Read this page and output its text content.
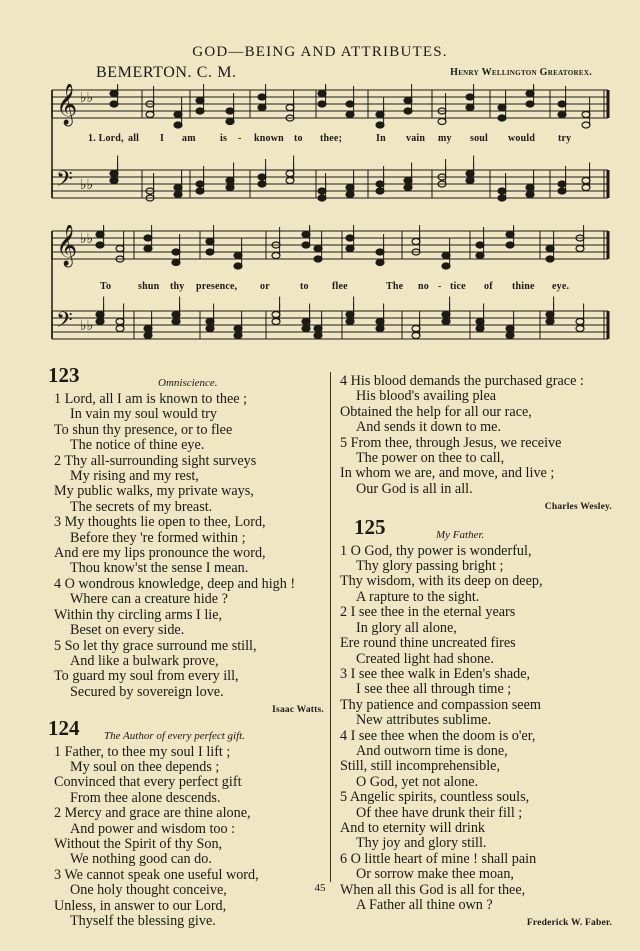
GOD—BEING AND ATTRIBUTES.
BEMERTON. C. M.	Henry Wellington Greatorex.
𝄞 ♭♭
𝄢 ♭♭
1. Lord, all I am is - known to thee;	In vain my soul would try
𝄞 ♭♭
𝄢 ♭♭
To	shun thy presence, or	to flee	The no - tice of thine eye.
123	Omniscience.
1 Lord, all I am is known to thee ;
In vain my soul would try
To shun thy presence, or to flee
The notice of thine eye.
2 Thy all-surrounding sight surveys
My rising and my rest,
My public walks, my private ways,
The secrets of my breast.
3 My thoughts lie open to thee, Lord,
Before they 're formed within ;
And ere my lips pronounce the word,
Thou know'st the sense I mean.
4 O wondrous knowledge, deep and high !
Where can a creature hide ?
Within thy circling arms I lie,
Beset on every side.
5 So let thy grace surround me still,
And like a bulwark prove,
To guard my soul from every ill,
Secured by sovereign love.
Isaac Watts.
124 The Author of every perfect gift.
1 Father, to thee my soul I lift ;
My soul on thee depends ;
Convinced that every perfect gift
From thee alone descends.
2 Mercy and grace are thine alone,
And power and wisdom too :
Without the Spirit of thy Son,
We nothing good can do.
3 We cannot speak one useful word,
One holy thought conceive,
Unless, in answer to our Lord,
Thyself the blessing give.
4 His blood demands the purchased grace :
His blood's availing plea
Obtained the help for all our race,
And sends it down to me.
5 From thee, through Jesus, we receive
The power on thee to call,
In whom we are, and move, and live ;
Our God is all in all.
Charles Wesley.
125	My Father.
1 O God, thy power is wonderful,
Thy glory passing bright ;
Thy wisdom, with its deep on deep,
A rapture to the sight.
2 I see thee in the eternal years
In glory all alone,
Ere round thine uncreated fires
Created light had shone.
3 I see thee walk in Eden's shade,
I see thee all through time ;
Thy patience and compassion seem
New attributes sublime.
4 I see thee when the doom is o'er,
And outworn time is done,
Still, still incomprehensible,
O God, yet not alone.
5 Angelic spirits, countless souls,
Of thee have drunk their fill ;
And to eternity will drink
Thy joy and glory still.
6 O little heart of mine ! shall pain
Or sorrow make thee moan,
When all this God is all for thee,
A Father all thine own ?
Frederick W. Faber.
45
